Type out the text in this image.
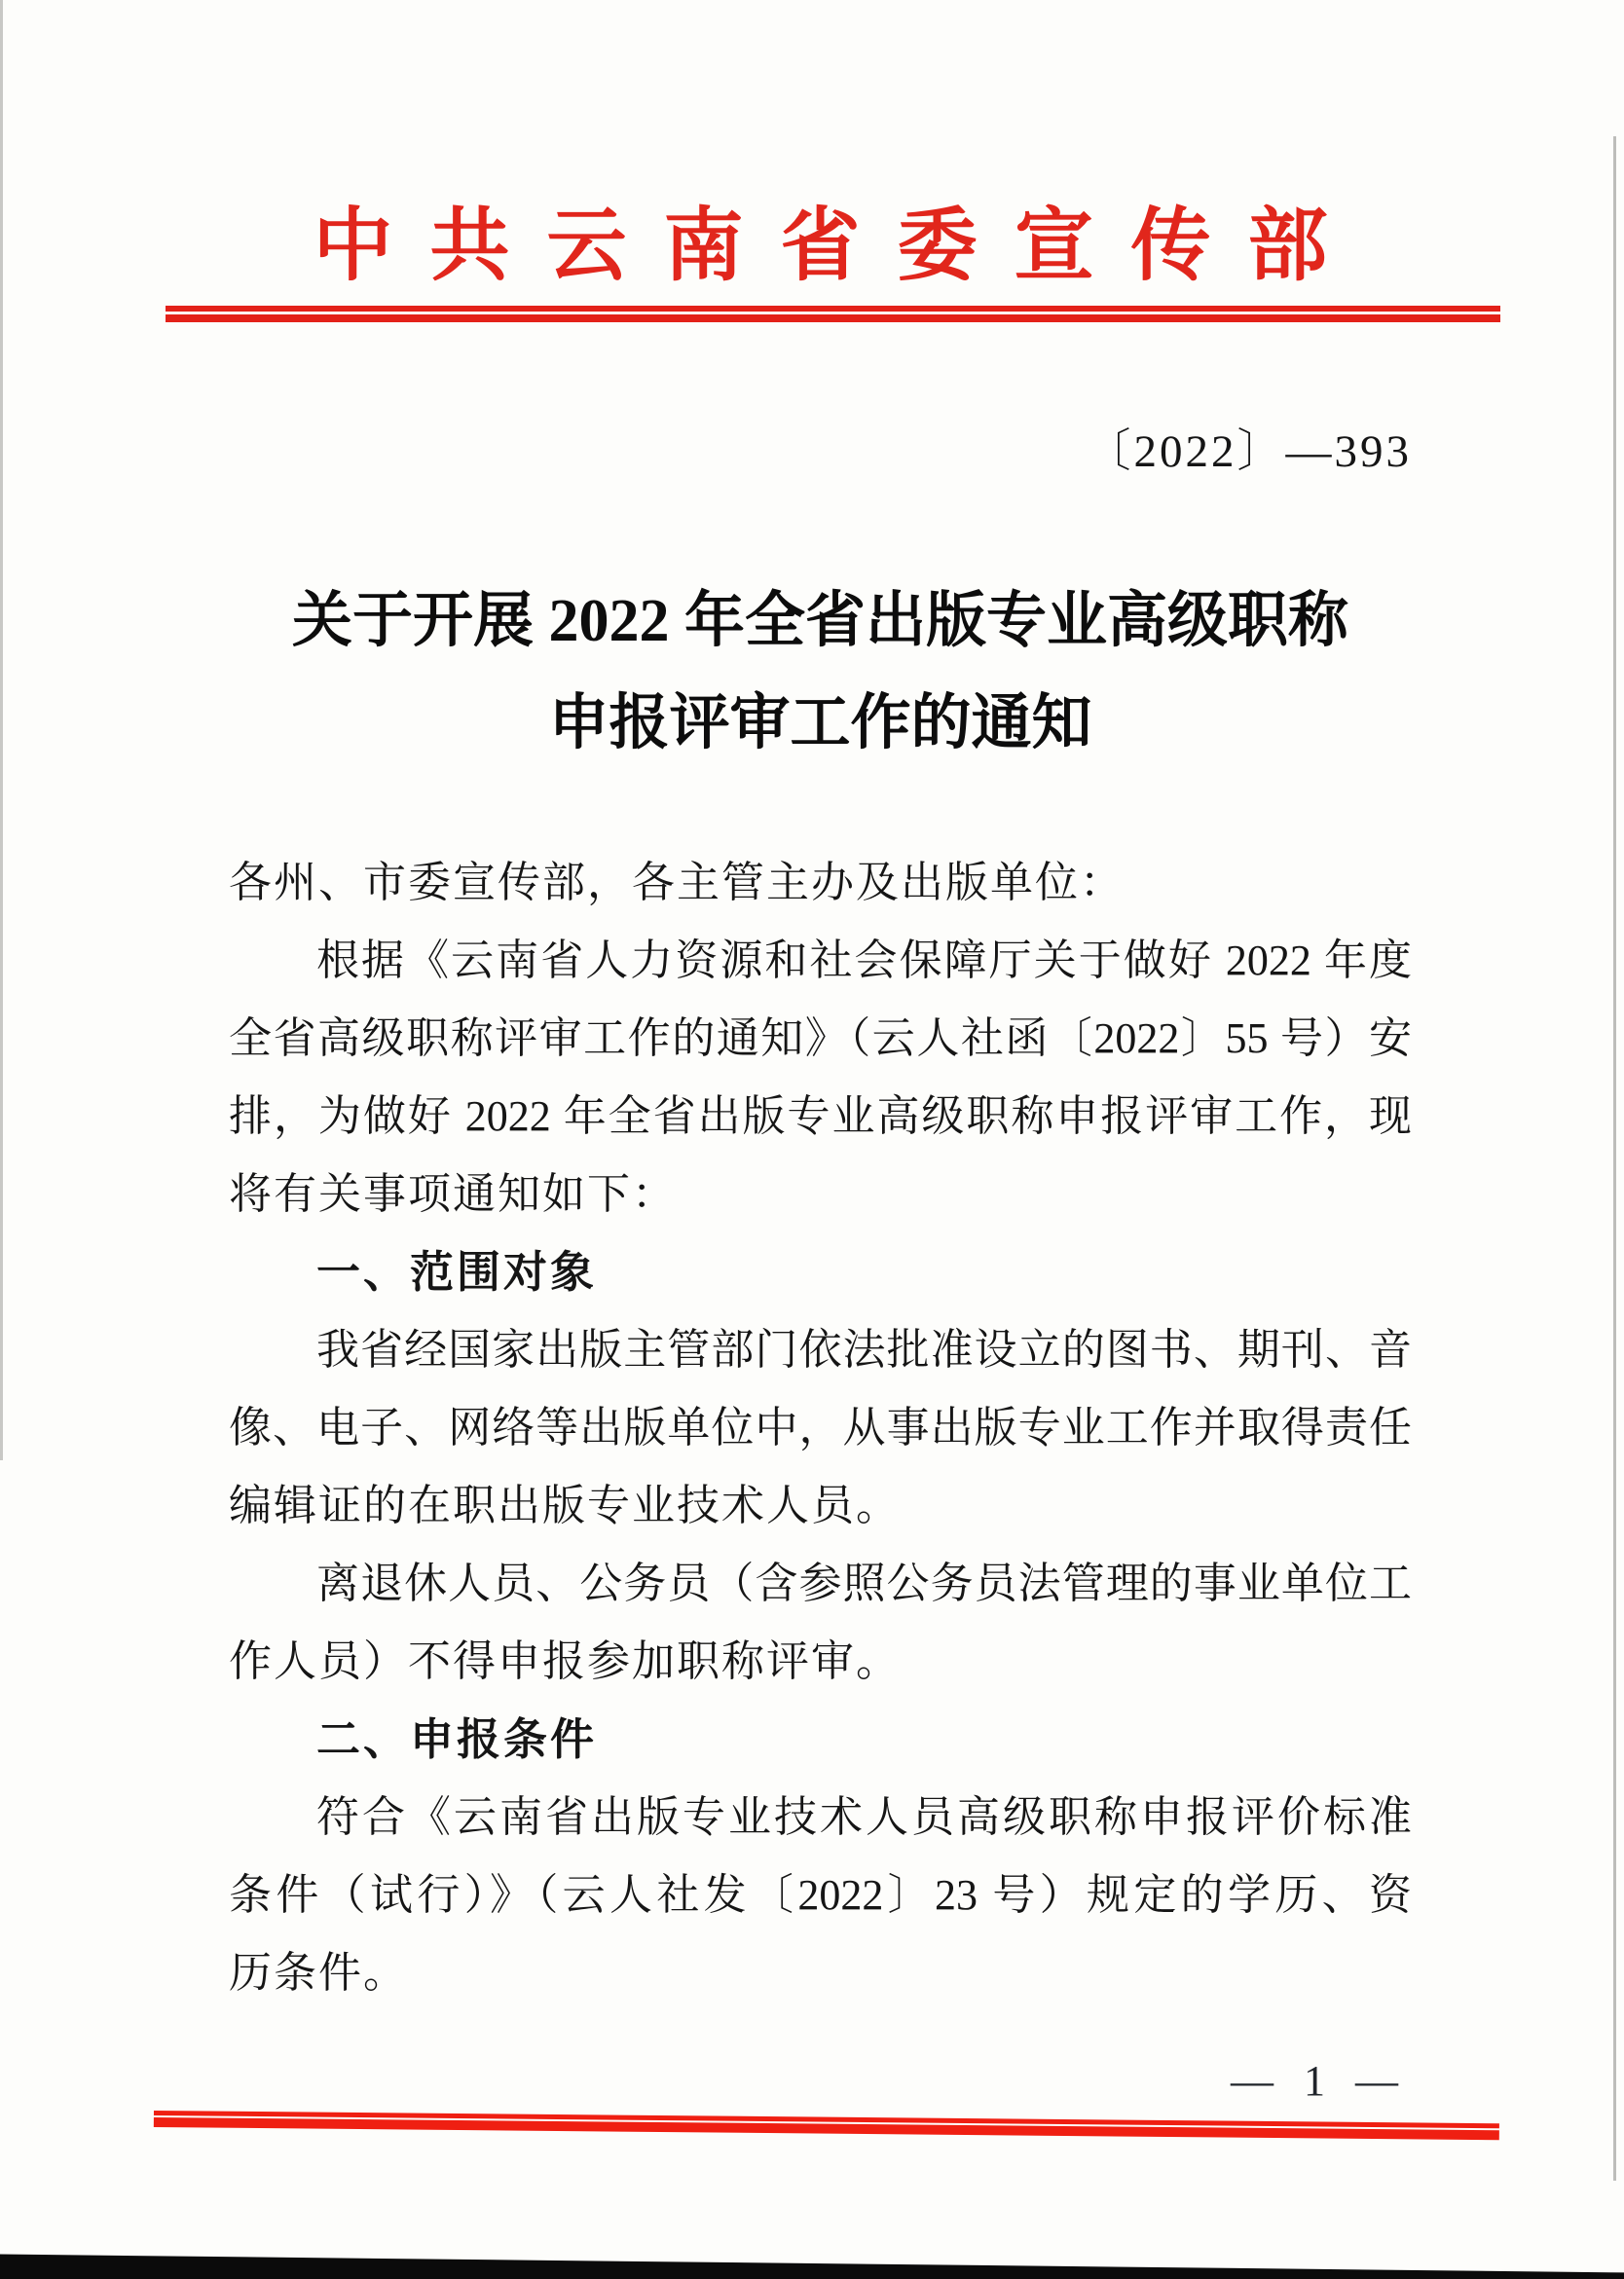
中共云南省委宣传部
〔2022〕—393
关于开展 2022 年全省出版专业高级职称
申报评审工作的通知
各州、市委宣传部，各主管主办及出版单位：
根据《云南省人力资源和社会保障厅关于做好 2022 年度
全省高级职称评审工作的通知》（云人社函〔2022〕55 号）安
排，为做好 2022 年全省出版专业高级职称申报评审工作，现
将有关事项通知如下：
一、范围对象
我省经国家出版主管部门依法批准设立的图书、期刊、音
像、电子、网络等出版单位中，从事出版专业工作并取得责任
编辑证的在职出版专业技术人员。
离退休人员、公务员（含参照公务员法管理的事业单位工
作人员）不得申报参加职称评审。
二、申报条件
符合《云南省出版专业技术人员高级职称申报评价标准
条件（试行）》（云人社发〔2022〕23 号）规定的学历、资
历条件。
— 1 —
